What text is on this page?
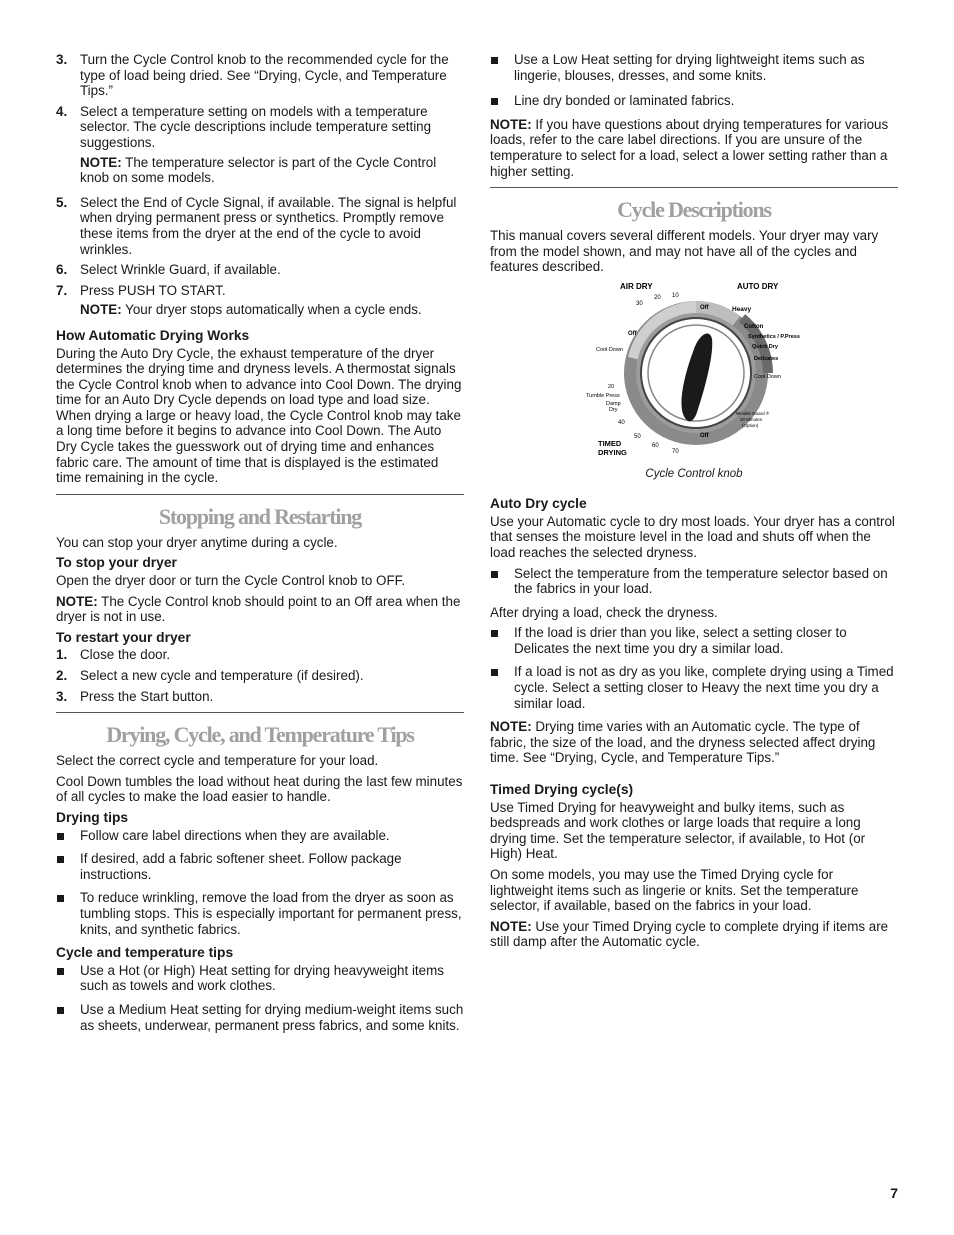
3. Turn the Cycle Control knob to the recommended cycle for the type of load being dried. See “Drying, Cycle, and Temperature Tips.”
4. Select a temperature setting on models with a temperature selector. The cycle descriptions include temperature setting suggestions.
NOTE: The temperature selector is part of the Cycle Control knob on some models.
5. Select the End of Cycle Signal, if available. The signal is helpful when drying permanent press or synthetics. Promptly remove these items from the dryer at the end of the cycle to avoid wrinkles.
6. Select Wrinkle Guard, if available.
7. Press PUSH TO START.
NOTE: Your dryer stops automatically when a cycle ends.
How Automatic Drying Works

During the Auto Dry Cycle, the exhaust temperature of the dryer determines the drying time and dryness levels. A thermostat signals the Cycle Control knob when to advance into Cool Down. The drying time for an Auto Dry Cycle depends on load type and load size. When drying a large or heavy load, the Cycle Control knob may take a long time before it begins to advance into Cool Down. The Auto Dry Cycle takes the guesswork out of drying time and enhances fabric care. The amount of time that is displayed is the estimated time remaining in the cycle.

Stopping and Restarting

You can stop your dryer anytime during a cycle.

To stop your dryer

Open the dryer door or turn the Cycle Control knob to OFF.

NOTE: The Cycle Control knob should point to an Off area when the dryer is not in use.

To restart your dryer
1. Close the door.
2. Select a new cycle and temperature (if desired).
3. Press the Start button.
Drying, Cycle, and Temperature Tips

Select the correct cycle and temperature for your load.

Cool Down tumbles the load without heat during the last few minutes of all cycles to make the load easier to handle.

Drying tips
Follow care label directions when they are available.
If desired, add a fabric softener sheet. Follow package instructions.
To reduce wrinkling, remove the load from the dryer as soon as tumbling stops. This is especially important for permanent press, knits, and synthetic fabrics.
Cycle and temperature tips
Use a Hot (or High) Heat setting for drying heavyweight items such as towels and work clothes.
Use a Medium Heat setting for drying medium-weight items such as sheets, underwear, permanent press fabrics, and some knits.
Use a Low Heat setting for drying lightweight items such as lingerie, blouses, dresses, and some knits.
Line dry bonded or laminated fabrics.

NOTE: If you have questions about drying temperatures for various loads, refer to the care label directions. If you are unsure of the temperature to select for a load, select a lower setting rather than a higher setting.

Cycle Descriptions

This manual covers several different models. Your dryer may vary from the model shown, and may not have all of the cycles and features described.

AIR DRY	AUTO DRY
Heavy
Cotton
Synthetics / P.Press
Quick Dry
Delicates
Cool Down
Wrinkle Guard ®
30 Minutes
(Option)
Off
Off
Off
Cool Down
20
Tumble Press
Damp
Dry
40
50
60
70
TIMED
DRYING
30
20 10
Cycle Control knob
Auto Dry cycle

Use your Automatic cycle to dry most loads. Your dryer has a control that senses the moisture level in the load and shuts off when the load reaches the selected dryness.

Select the temperature from the temperature selector based on the fabrics in your load.

After drying a load, check the dryness.

If the load is drier than you like, select a setting closer to Delicates the next time you dry a similar load.
If a load is not as dry as you like, complete drying using a Timed cycle. Select a setting closer to Heavy the next time you dry a similar load.

NOTE: Drying time varies with an Automatic cycle. The type of fabric, the size of the load, and the dryness selected affect drying time. See “Drying, Cycle, and Temperature Tips.”

Timed Drying cycle(s)

Use Timed Drying for heavyweight and bulky items, such as bedspreads and work clothes or large loads that require a long drying time. Set the temperature selector, if available, to Hot (or High) Heat.

On some models, you may use the Timed Drying cycle for lightweight items such as lingerie or knits. Set the temperature selector, if available, based on the fabrics in your load.

NOTE: Use your Timed Drying cycle to complete drying if items are still damp after the Automatic cycle.

7
